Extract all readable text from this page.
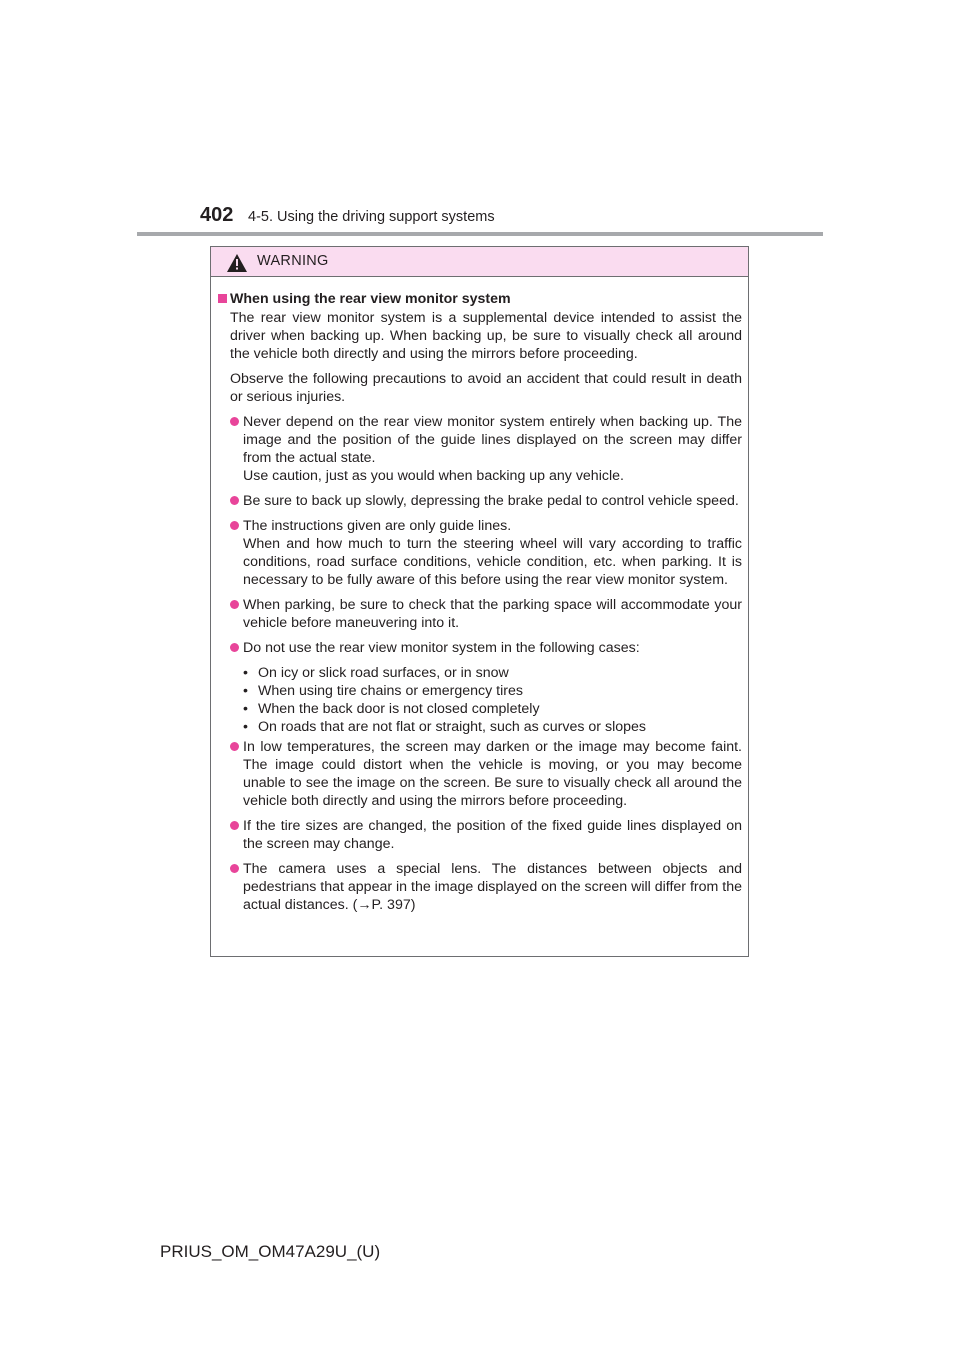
402 4-5. Using the driving support systems
WARNING
When using the rear view monitor system
The rear view monitor system is a supplemental device intended to assist the driver when backing up. When backing up, be sure to visually check all around the vehicle both directly and using the mirrors before proceeding.
Observe the following precautions to avoid an accident that could result in death or serious injuries.
Never depend on the rear view monitor system entirely when backing up. The image and the position of the guide lines displayed on the screen may differ from the actual state.
Use caution, just as you would when backing up any vehicle.
Be sure to back up slowly, depressing the brake pedal to control vehicle speed.
The instructions given are only guide lines.
When and how much to turn the steering wheel will vary according to traffic conditions, road surface conditions, vehicle condition, etc. when parking. It is necessary to be fully aware of this before using the rear view monitor system.
When parking, be sure to check that the parking space will accommodate your vehicle before maneuvering into it.
Do not use the rear view monitor system in the following cases:
• On icy or slick road surfaces, or in snow
• When using tire chains or emergency tires
• When the back door is not closed completely
• On roads that are not flat or straight, such as curves or slopes
In low temperatures, the screen may darken or the image may become faint. The image could distort when the vehicle is moving, or you may become unable to see the image on the screen. Be sure to visually check all around the vehicle both directly and using the mirrors before proceeding.
If the tire sizes are changed, the position of the fixed guide lines displayed on the screen may change.
The camera uses a special lens. The distances between objects and pedestrians that appear in the image displayed on the screen will differ from the actual distances. (→P. 397)
PRIUS_OM_OM47A29U_(U)
